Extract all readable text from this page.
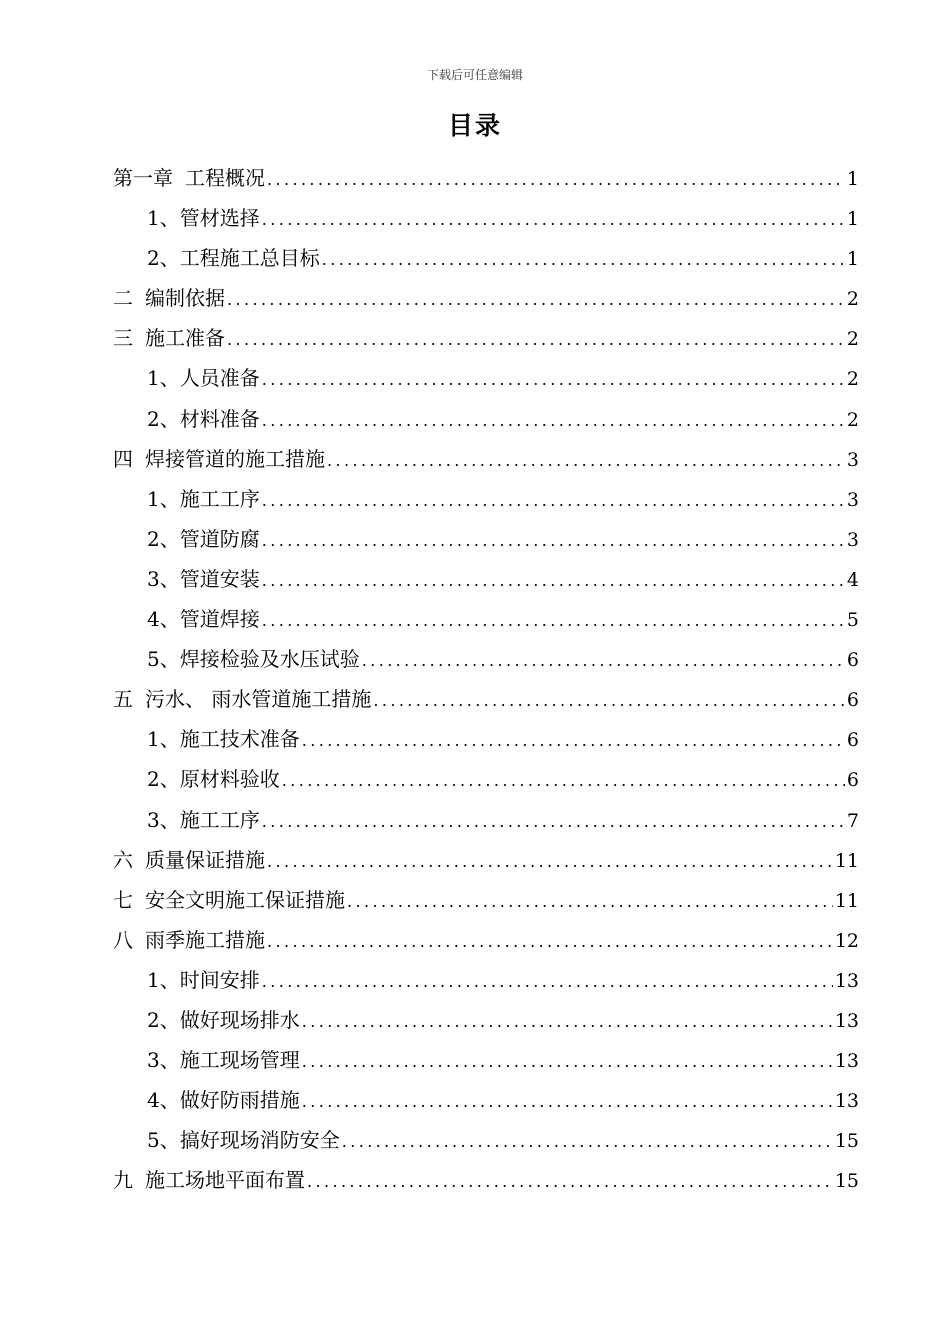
下载后可任意编辑
目录
第一章 工程概况 .....	1
1、 管材选择 .....	1
2、 工程施工总目标 .....	1
二 编制依据 .....	2
三 施工准备 .....	2
1、 人员准备 .....	2
2、 材料准备 .....	2
四 焊接管道的施工措施 .....	3
1、 施工工序 .....	3
2、 管道防腐 .....	3
3、 管道安装 .....	4
4、 管道焊接 .....	5
5、 焊接检验及水压试验 .....	6
五 污水、 雨水管道施工措施 .....	6
1、 施工技术准备 .....	6
2、 原材料验收 .....	6
3、 施工工序 .....	7
六 质量保证措施 .....	11
七 安全文明施工保证措施 .....	11
八 雨季施工措施 .....	12
1、 时间安排 .....	13
2、 做好现场排水 .....	13
3、 施工现场管理 .....	13
4、 做好防雨措施 .....	13
5、 搞好现场消防安全 .....	15
九 施工场地平面布置 .....	15
